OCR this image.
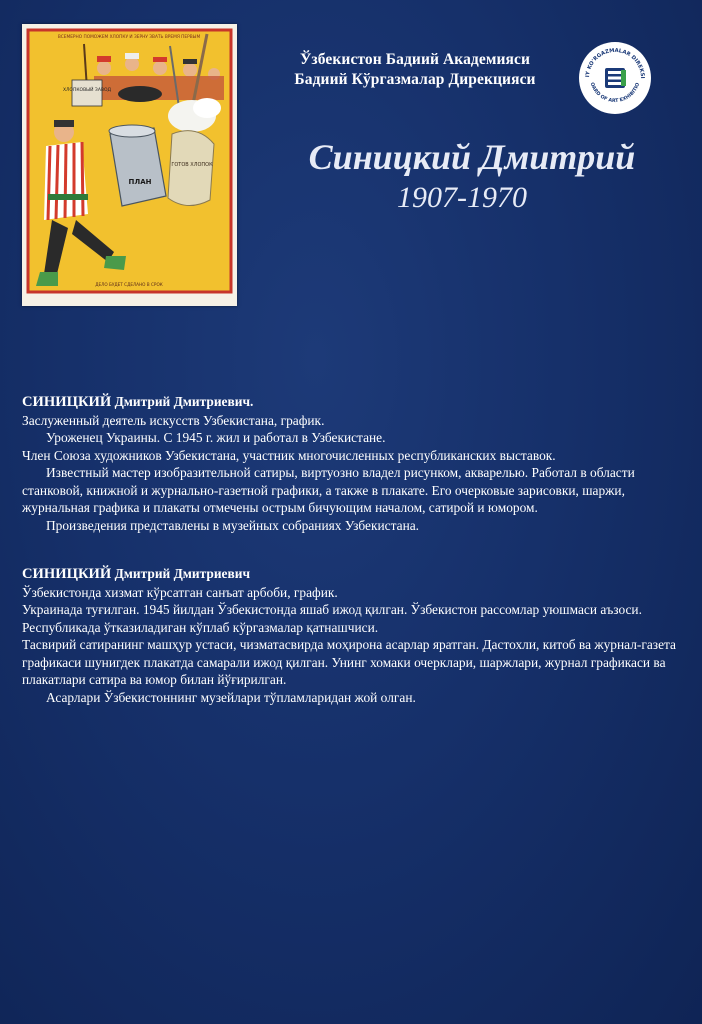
ВСЕМЕРНО ПОМОЖЕМ ХЛОПКУ И ЗЕРНУ ЗВАТЬ ВРЕМЯ ПЕРВЫМ
ХЛОПКОВЫЙ ЗАВОД
ГОТОВ ХЛОПОК
ПЛАН
ДЕЛО БУДЕТ СДЕЛАНО В СРОК
Ўзбекистон Бадиий Академияси
Бадиий Кўргазмалар Дирекцияси	IY KO'RGAZMALAR DIREKSI
OARD OF ART EXHIBITIO
Синицкий Дмитрий
1907-1970

СИНИЦКИЙ Дмитрий Дмитриевич.

Заслуженный деятель искусств Узбекистана, график.

Уроженец Украины. С 1945 г. жил и работал в Узбекистане.

Член Союза художников Узбекистана, участник многочисленных республиканских выставок.

Известный мастер изобразительной сатиры, виртуозно владел рисунком, акварелью. Работал в области станковой, книжной и журнально-газетной графики, а также в плакате. Его очерковые зарисовки, шаржи, журнальная графика и плакаты отмечены острым бичующим началом, сатирой и юмором.

Произведения представлены в музейных собраниях Узбекистана.

СИНИЦКИЙ Дмитрий Дмитриевич

Ўзбекистонда хизмат кўрсатган санъат арбоби, график.

Украинада туғилган. 1945 йилдан Ўзбекистонда яшаб ижод қилган. Ўзбекистон рассомлар уюшмаси аъзоси. Республикада ўтказиладиган кўплаб кўргазмалар қатнашчиси.

Тасвирий сатиранинг машҳур устаси, чизматасвирда моҳирона асарлар яратган. Дастохли, китоб ва журнал-газета графикаси шунигдек плакатда самарали ижод қилган. Унинг хомаки очерклари, шаржлари, журнал графикаси ва плакатлари сатира ва юмор билан йўғирилган.

Асарлари Ўзбекистоннинг музейлари тўпламларидан жой олган.
